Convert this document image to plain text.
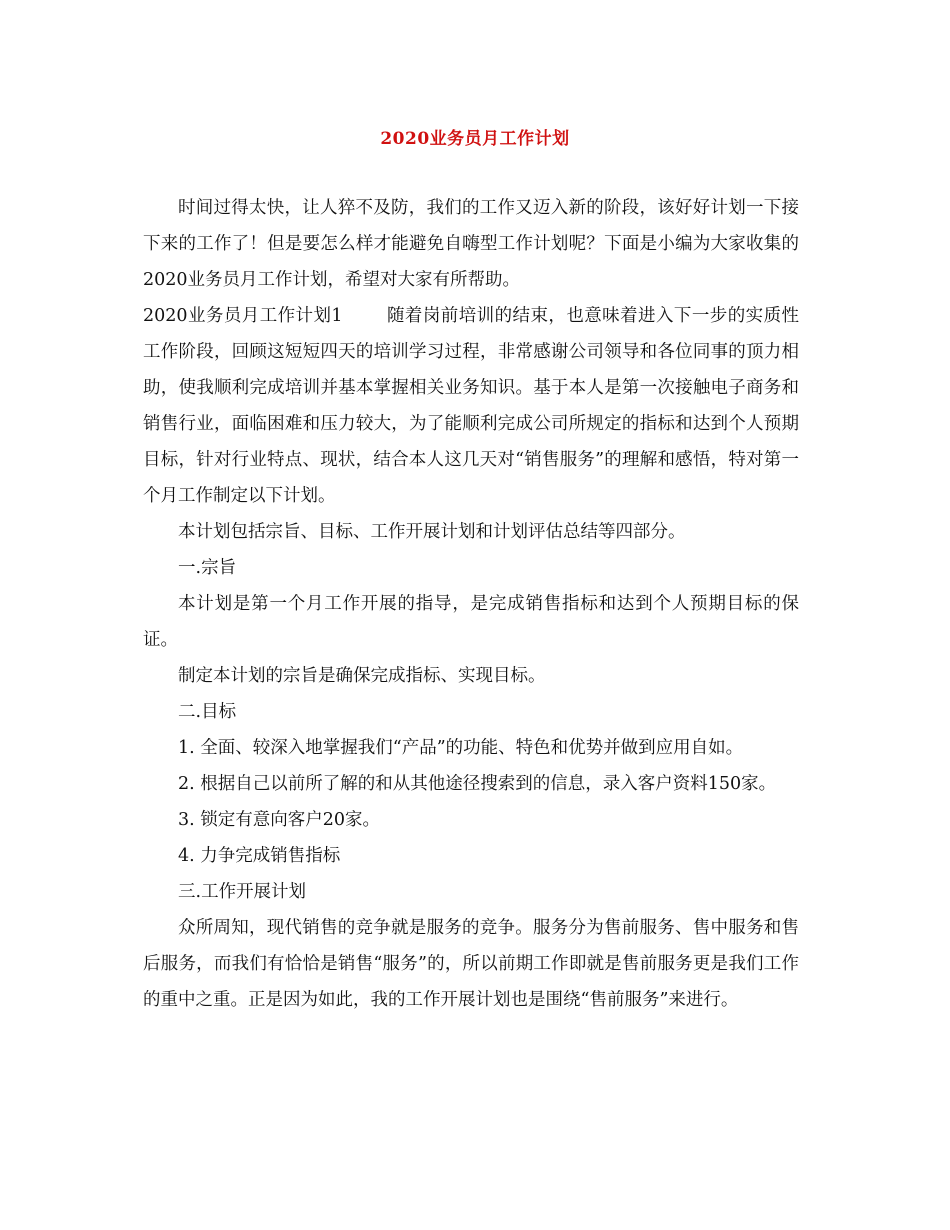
2020业务员月工作计划

时间过得太快，让人猝不及防，我们的工作又迈入新的阶段，该好好计划一下接下来的工作了！但是要怎么样才能避免自嗨型工作计划呢？下面是小编为大家收集的2020业务员月工作计划，希望对大家有所帮助。

2020业务员月工作计划1	随着岗前培训的结束，也意味着进入下一步的实质性工作阶段，回顾这短短四天的培训学习过程，非常感谢公司领导和各位同事的顶力相助，使我顺利完成培训并基本掌握相关业务知识。基于本人是第一次接触电子商务和销售行业，面临困难和压力较大，为了能顺利完成公司所规定的指标和达到个人预期目标，针对行业特点、现状，结合本人这几天对“销售服务”的理解和感悟，特对第一个月工作制定以下计划。

本计划包括宗旨、目标、工作开展计划和计划评估总结等四部分。

一.宗旨

本计划是第一个月工作开展的指导，是完成销售指标和达到个人预期目标的保证。

制定本计划的宗旨是确保完成指标、实现目标。

二.目标

1. 全面、较深入地掌握我们“产品”的功能、特色和优势并做到应用自如。

2. 根据自己以前所了解的和从其他途径搜索到的信息，录入客户资料150家。

3. 锁定有意向客户20家。

4. 力争完成销售指标

三.工作开展计划

众所周知，现代销售的竞争就是服务的竞争。服务分为售前服务、售中服务和售后服务，而我们有恰恰是销售“服务”的，所以前期工作即就是售前服务更是我们工作的重中之重。正是因为如此，我的工作开展计划也是围绕“售前服务”来进行。
